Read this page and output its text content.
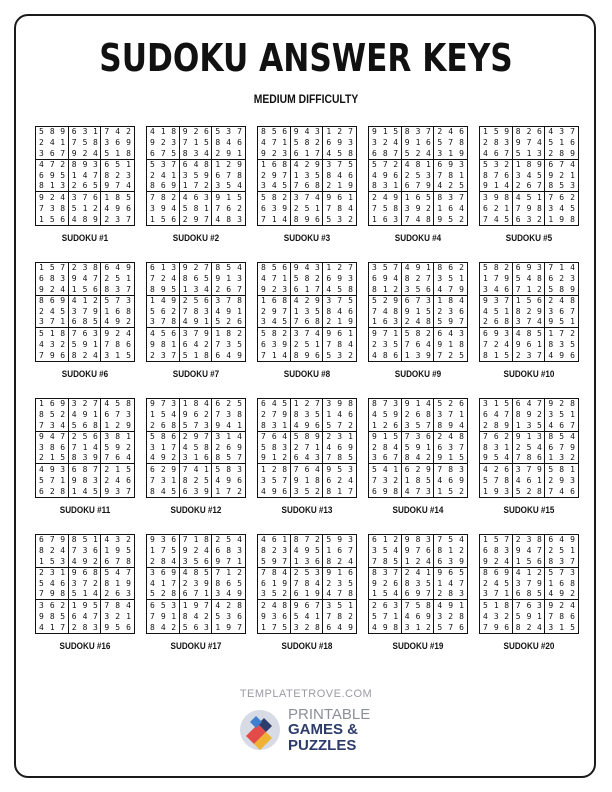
SUDOKU ANSWER KEYS
MEDIUM DIFFICULTY
5 8 9 6 3 1 7 4 2
2 4 1 7 5 8 3 6 9
3 6 7 9 2 4 5 1 8
4 7 2 8 9 3 6 5 1
6 9 5 1 4 7 8 2 3
8 1 3 2 6 5 9 7 4
9 2 4 3 7 6 1 8 5
7 3 8 5 1 2 4 9 6
1 5 6 4 8 9 2 3 7
SUDOKU #1
4 1 8 9 2 6 5 3 7
9 2 3 7 1 5 8 4 6
6 7 5 8 3 4 2 9 1
5 3 7 6 4 8 1 2 9
2 4 1 3 5 9 6 7 8
8 6 9 1 7 2 3 5 4
7 8 2 4 6 3 9 1 5
3 9 4 5 8 1 7 6 2
1 5 6 2 9 7 4 8 3
SUDOKU #2
8 5 6 9 4 3 1 2 7
4 7 1 5 8 2 6 9 3
9 2 3 6 1 7 4 5 8
1 6 8 4 2 9 3 7 5
2 9 7 1 3 5 8 4 6
3 4 5 7 6 8 2 1 9
5 8 2 3 7 4 9 6 1
6 3 9 2 5 1 7 8 4
7 1 4 8 9 6 5 3 2
SUDOKU #3
9 1 5 8 3 7 2 4 6
3 2 4 9 1 6 5 7 8
6 8 7 5 2 4 3 1 9
5 7 2 4 8 1 6 9 3
4 9 6 2 5 3 7 8 1
8 3 1 6 7 9 4 2 5
2 4 9 1 6 5 8 3 7
7 5 8 3 9 2 1 6 4
1 6 3 7 4 8 9 5 2
SUDOKU #4
1 5 9 8 2 6 4 3 7
2 8 3 9 7 4 5 1 6
4 6 7 5 1 3 2 8 9
5 3 2 1 8 9 6 7 4
8 7 6 3 4 5 9 2 1
9 1 4 2 6 7 8 5 3
3 9 8 4 5 1 7 6 2
6 2 1 7 9 8 3 4 5
7 4 5 6 3 2 1 9 8
SUDOKU #5
1 5 7 2 3 8 6 4 9
6 8 3 9 4 7 2 5 1
9 2 4 1 5 6 8 3 7
8 6 9 4 1 2 5 7 3
2 4 5 3 7 9 1 6 8
3 7 1 6 8 5 4 9 2
5 1 8 7 6 3 9 2 4
4 3 2 5 9 1 7 8 6
7 9 6 8 2 4 3 1 5
SUDOKU #6
6 1 3 9 2 7 8 5 4
7 2 4 8 6 5 9 1 3
8 9 5 1 3 4 2 6 7
1 4 9 2 5 6 3 7 8
5 6 2 7 8 3 4 9 1
3 7 8 4 9 1 5 2 6
4 5 6 3 7 9 1 8 2
9 8 1 6 4 2 7 3 5
2 3 7 5 1 8 6 4 9
SUDOKU #7
8 5 6 9 4 3 1 2 7
4 7 1 5 8 2 6 9 3
9 2 3 6 1 7 4 5 8
1 6 8 4 2 9 3 7 5
2 9 7 1 3 5 8 4 6
3 4 5 7 6 8 2 1 9
5 8 2 3 7 4 9 6 1
6 3 9 2 5 1 7 8 4
7 1 4 8 9 6 5 3 2
SUDOKU #8
3 5 7 4 9 1 8 6 2
6 9 4 8 2 7 3 5 1
8 1 2 3 5 6 4 7 9
5 2 9 6 7 3 1 8 4
7 4 8 9 1 5 2 3 6
1 6 3 2 4 8 5 9 7
9 7 1 5 8 2 6 4 3
2 3 5 7 6 4 9 1 8
4 8 6 1 3 9 7 2 5
SUDOKU #9
5 8 2 6 9 3 7 1 4
1 7 9 5 4 8 6 2 3
3 4 6 7 1 2 5 8 9
9 3 7 1 5 6 2 4 8
4 5 1 8 2 9 3 6 7
2 6 8 3 7 4 9 5 1
6 9 3 4 8 5 1 7 2
7 2 4 9 6 1 8 3 5
8 1 5 2 3 7 4 9 6
SUDOKU #10
1 6 9 3 2 7 4 5 8
8 5 2 4 9 1 6 7 3
7 3 4 5 6 8 1 2 9
9 4 7 2 5 6 3 8 1
3 8 6 7 1 4 5 9 2
2 1 5 8 3 9 7 6 4
4 9 3 6 8 7 2 1 5
5 7 1 9 8 3 2 4 6
6 2 8 1 4 5 9 3 7
SUDOKU #11
9 7 3 1 8 4 6 2 5
1 5 4 9 6 2 7 3 8
2 6 8 5 7 3 9 4 1
5 8 6 2 9 7 3 1 4
3 1 7 4 5 8 2 6 9
4 9 2 3 1 6 8 5 7
6 2 9 7 4 1 5 8 3
7 3 1 8 2 5 4 9 6
8 4 5 6 3 9 1 7 2
SUDOKU #12
6 4 5 1 2 7 3 9 8
2 7 9 8 3 5 1 4 6
8 3 1 4 9 6 5 7 2
7 6 4 5 8 9 2 3 1
5 8 3 2 7 1 4 6 9
9 1 2 6 4 3 7 8 5
1 2 8 7 6 4 9 5 3
3 5 7 9 1 8 6 2 4
4 9 6 3 5 2 8 1 7
SUDOKU #13
8 7 3 9 1 4 5 2 6
4 5 9 2 6 8 3 7 1
1 2 6 3 5 7 8 9 4
9 1 5 7 3 6 2 4 8
2 8 4 5 9 1 6 3 7
3 6 7 8 4 2 9 1 5
5 4 1 6 2 9 7 8 3
7 3 2 1 8 5 4 6 9
6 9 8 4 7 3 1 5 2
SUDOKU #14
3 1 5 6 4 7 9 2 8
6 4 7 8 9 2 3 5 1
2 8 9 1 3 5 4 6 7
7 6 2 9 1 3 8 5 4
8 3 1 2 5 4 6 7 9
9 5 4 7 8 6 1 3 2
4 2 6 3 7 9 5 8 1
5 7 8 4 6 1 2 9 3
1 9 3 5 2 8 7 4 6
SUDOKU #15
6 7 9 8 5 1 4 3 2
8 2 4 7 3 6 1 9 5
1 5 3 4 9 2 6 7 8
2 3 1 9 6 8 5 4 7
5 4 6 3 7 2 8 1 9
7 9 8 5 1 4 2 6 3
3 6 2 1 9 5 7 8 4
9 8 5 6 4 7 3 2 1
4 1 7 2 8 3 9 5 6
SUDOKU #16
9 3 6 7 1 8 2 5 4
1 7 5 9 2 4 6 8 3
2 8 4 3 5 6 9 7 1
3 6 9 4 8 5 7 1 2
4 1 7 2 3 9 8 6 5
5 2 8 6 7 1 3 4 9
6 5 3 1 9 7 4 2 8
7 9 1 8 4 2 5 3 6
8 4 2 5 6 3 1 9 7
SUDOKU #17
4 6 1 8 7 2 5 9 3
8 2 3 4 9 5 1 6 7
5 9 7 1 3 6 8 2 4
7 8 4 2 5 3 9 1 6
6 1 9 7 8 4 2 3 5
3 5 2 6 1 9 4 7 8
2 4 8 9 6 7 3 5 1
9 3 6 5 4 1 7 8 2
1 7 5 3 2 8 6 4 9
SUDOKU #18
6 1 2 9 8 3 7 5 4
3 5 4 9 7 6 8 1 2
7 8 5 1 2 4 6 3 9
8 3 7 2 4 1 9 6 5
9 2 6 8 3 5 1 4 7
1 5 4 6 9 7 2 8 3
2 6 3 7 5 8 4 9 1
5 7 1 4 6 9 3 2 8
4 9 8 3 1 2 5 7 6
SUDOKU #19
1 5 7 2 3 8 6 4 9
6 8 3 9 4 7 2 5 1
9 2 4 1 5 6 8 3 7
8 6 9 4 1 2 5 7 3
2 4 5 3 7 9 1 6 8
3 7 1 6 8 5 4 9 2
5 1 8 7 6 3 9 2 4
4 3 2 5 9 1 7 8 6
7 9 6 8 2 4 3 1 5
SUDOKU #20
TEMPLATETROVE.COM
PRINTABLE
GAMES &
PUZZLES
